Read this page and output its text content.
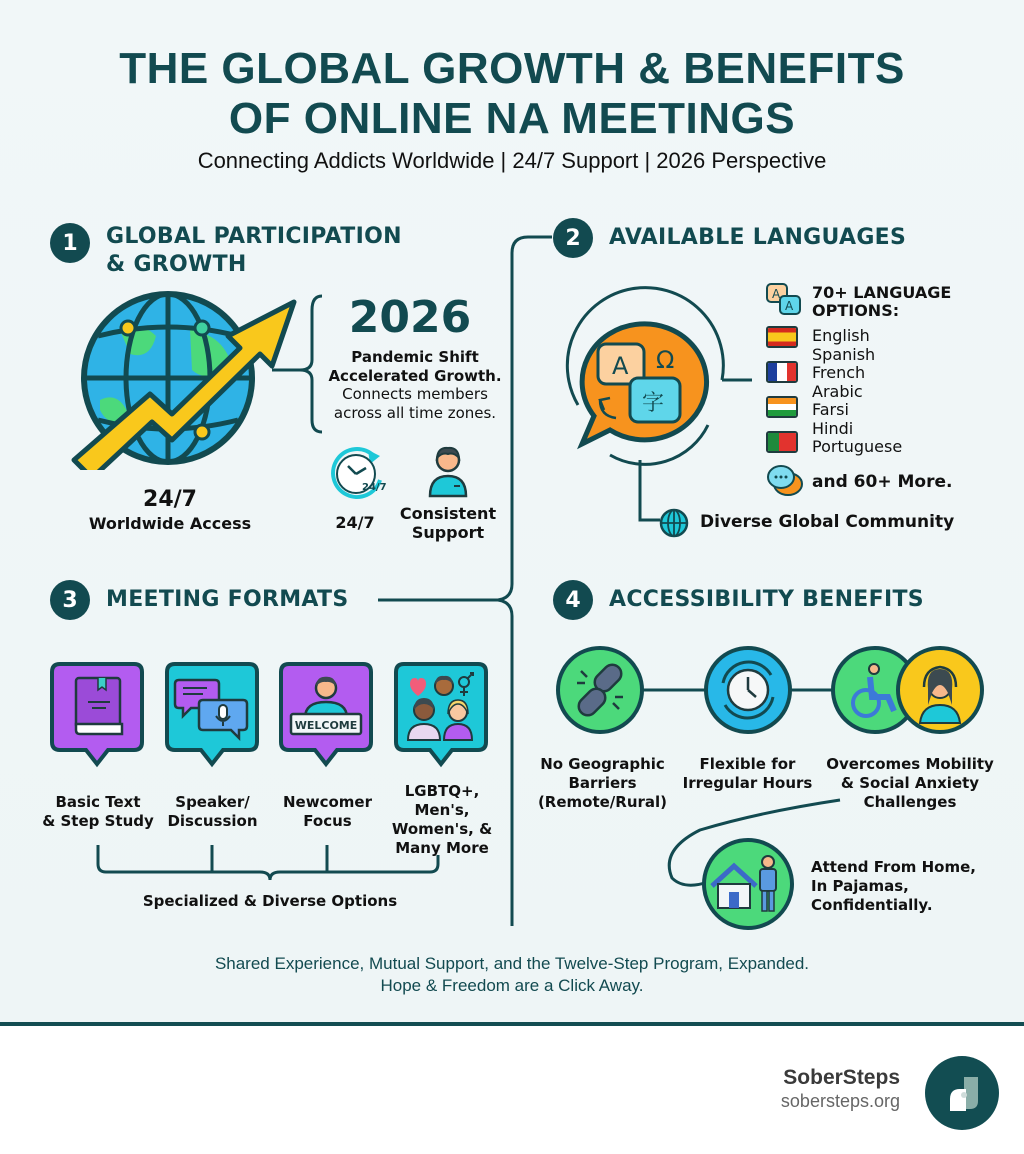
THE GLOBAL GROWTH & BENEFITS
OF ONLINE NA MEETINGS
Connecting Addicts Worldwide | 24/7 Support | 2026 Perspective
1	GLOBAL PARTICIPATION
& GROWTH
24/7
Worldwide Access
2026
Pandemic Shift
Accelerated Growth.
Connects members
across all time zones.
24/7
24/7	Consistent
Support
2	AVAILABLE LANGUAGES
A Ω
字
A
A
70+ LANGUAGE
OPTIONS:
English
Spanish
French
Arabic
Farsi
Hindi
Portuguese
and 60+ More.
Diverse Global Community
3	MEETING FORMATS
WELCOME
Basic Text
& Step Study
Speaker/
Discussion
Newcomer
Focus
LGBTQ+,
Men's,
Women's, &
Many More
Specialized & Diverse Options
4	ACCESSIBILITY BENEFITS
No Geographic
Barriers
(Remote/Rural)
Flexible for
Irregular Hours
Overcomes Mobility
& Social Anxiety
Challenges
Attend From Home,
In Pajamas,
Confidentially.
Shared Experience, Mutual Support, and the Twelve-Step Program, Expanded.
Hope & Freedom are a Click Away.
SoberSteps
sobersteps.org
